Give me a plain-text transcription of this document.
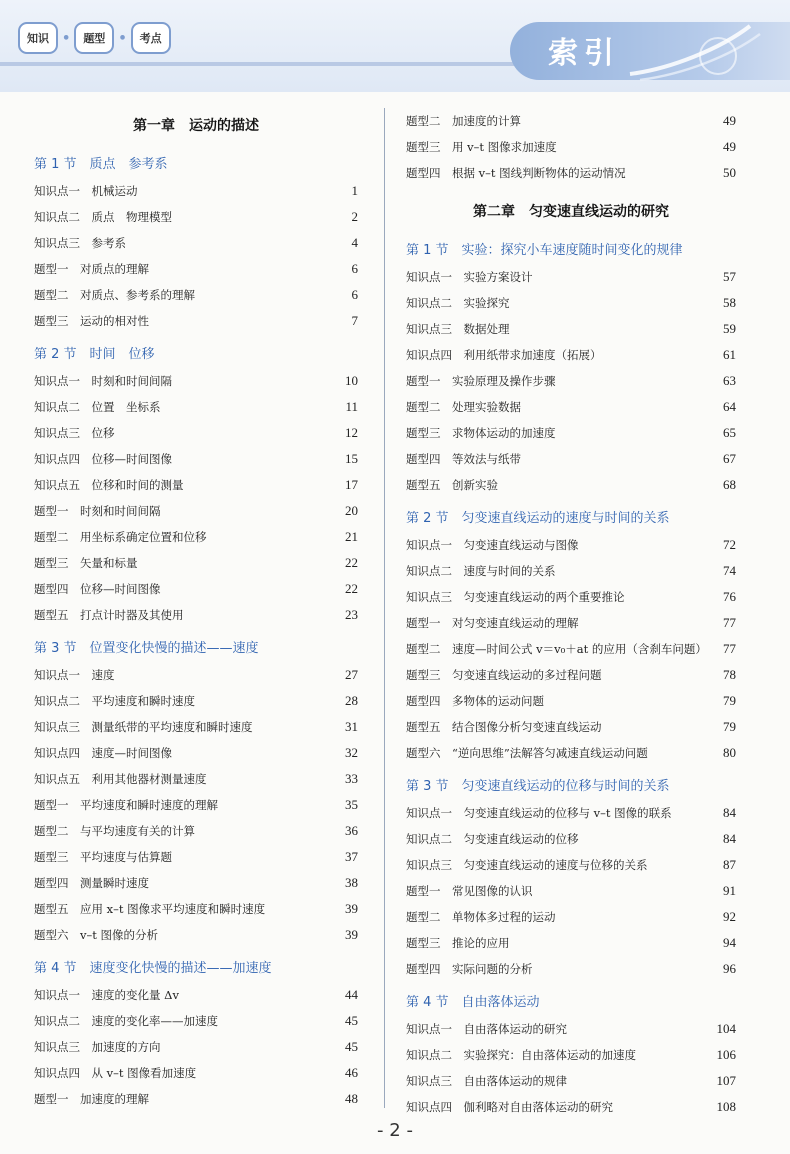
知识	•	题型	•	考点	索引
第一章　运动的描述
第 1 节　质点　参考系
知识点一　机械运动	1
知识点二　质点　物理模型	2
知识点三　参考系	4
题型一　对质点的理解	6
题型二　对质点、参考系的理解	6
题型三　运动的相对性	7
第 2 节　时间　位移
知识点一　时刻和时间间隔	10
知识点二　位置　坐标系	11
知识点三　位移	12
知识点四　位移—时间图像	15
知识点五　位移和时间的测量	17
题型一　时刻和时间间隔	20
题型二　用坐标系确定位置和位移	21
题型三　矢量和标量	22
题型四　位移—时间图像	22
题型五　打点计时器及其使用	23
第 3 节　位置变化快慢的描述——速度
知识点一　速度	27
知识点二　平均速度和瞬时速度	28
知识点三　测量纸带的平均速度和瞬时速度	31
知识点四　速度—时间图像	32
知识点五　利用其他器材测量速度	33
题型一　平均速度和瞬时速度的理解	35
题型二　与平均速度有关的计算	36
题型三　平均速度与估算题	37
题型四　测量瞬时速度	38
题型五　应用 x–t 图像求平均速度和瞬时速度	39
题型六　v–t 图像的分析	39
第 4 节　速度变化快慢的描述——加速度
知识点一　速度的变化量 Δv	44
知识点二　速度的变化率——加速度	45
知识点三　加速度的方向	45
知识点四　从 v–t 图像看加速度	46
题型一　加速度的理解	48
题型二　加速度的计算	49
题型三　用 v–t 图像求加速度	49
题型四　根据 v–t 图线判断物体的运动情况	50
第二章　匀变速直线运动的研究
第 1 节　实验：探究小车速度随时间变化的规律
知识点一　实验方案设计	57
知识点二　实验探究	58
知识点三　数据处理	59
知识点四　利用纸带求加速度（拓展）	61
题型一　实验原理及操作步骤	63
题型二　处理实验数据	64
题型三　求物体运动的加速度	65
题型四　等效法与纸带	67
题型五　创新实验	68
第 2 节　匀变速直线运动的速度与时间的关系
知识点一　匀变速直线运动与图像	72
知识点二　速度与时间的关系	74
知识点三　匀变速直线运动的两个重要推论	76
题型一　对匀变速直线运动的理解	77
题型二　速度—时间公式 v＝v₀＋at 的应用（含刹车问题）	77
题型三　匀变速直线运动的多过程问题	78
题型四　多物体的运动问题	79
题型五　结合图像分析匀变速直线运动	79
题型六　“逆向思维”法解答匀减速直线运动问题	80
第 3 节　匀变速直线运动的位移与时间的关系
知识点一　匀变速直线运动的位移与 v–t 图像的联系	84
知识点二　匀变速直线运动的位移	84
知识点三　匀变速直线运动的速度与位移的关系	87
题型一　常见图像的认识	91
题型二　单物体多过程的运动	92
题型三　推论的应用	94
题型四　实际问题的分析	96
第 4 节　自由落体运动
知识点一　自由落体运动的研究	104
知识点二　实验探究：自由落体运动的加速度	106
知识点三　自由落体运动的规律	107
知识点四　伽利略对自由落体运动的研究	108
- 2 -
